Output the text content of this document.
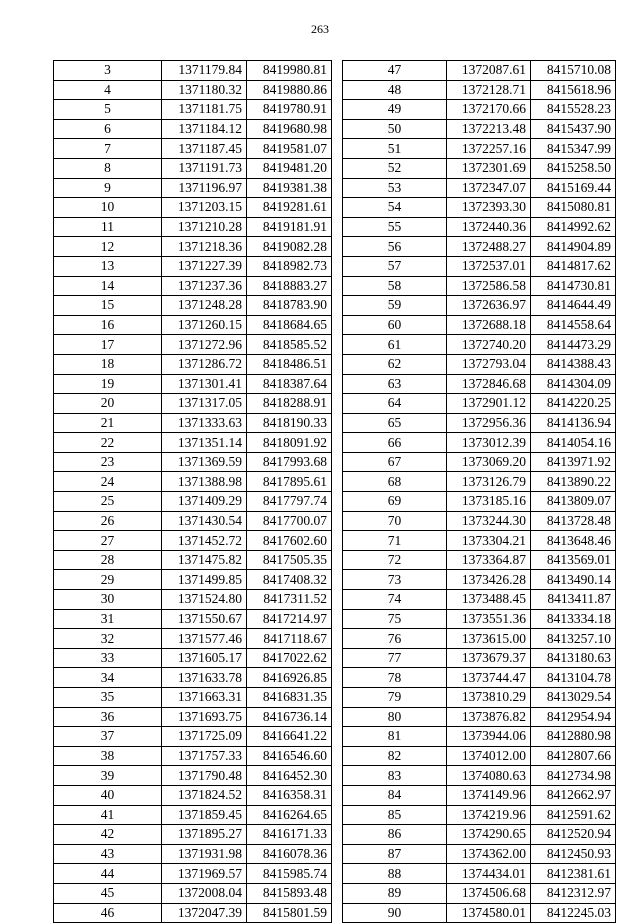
263
3	1371179.84	8419980.81
4	1371180.32	8419880.86
5	1371181.75	8419780.91
6	1371184.12	8419680.98
7	1371187.45	8419581.07
8	1371191.73	8419481.20
9	1371196.97	8419381.38
10	1371203.15	8419281.61
11	1371210.28	8419181.91
12	1371218.36	8419082.28
13	1371227.39	8418982.73
14	1371237.36	8418883.27
15	1371248.28	8418783.90
16	1371260.15	8418684.65
17	1371272.96	8418585.52
18	1371286.72	8418486.51
19	1371301.41	8418387.64
20	1371317.05	8418288.91
21	1371333.63	8418190.33
22	1371351.14	8418091.92
23	1371369.59	8417993.68
24	1371388.98	8417895.61
25	1371409.29	8417797.74
26	1371430.54	8417700.07
27	1371452.72	8417602.60
28	1371475.82	8417505.35
29	1371499.85	8417408.32
30	1371524.80	8417311.52
31	1371550.67	8417214.97
32	1371577.46	8417118.67
33	1371605.17	8417022.62
34	1371633.78	8416926.85
35	1371663.31	8416831.35
36	1371693.75	8416736.14
37	1371725.09	8416641.22
38	1371757.33	8416546.60
39	1371790.48	8416452.30
40	1371824.52	8416358.31
41	1371859.45	8416264.65
42	1371895.27	8416171.33
43	1371931.98	8416078.36
44	1371969.57	8415985.74
45	1372008.04	8415893.48
46	1372047.39	8415801.59
47	1372087.61	8415710.08
48	1372128.71	8415618.96
49	1372170.66	8415528.23
50	1372213.48	8415437.90
51	1372257.16	8415347.99
52	1372301.69	8415258.50
53	1372347.07	8415169.44
54	1372393.30	8415080.81
55	1372440.36	8414992.62
56	1372488.27	8414904.89
57	1372537.01	8414817.62
58	1372586.58	8414730.81
59	1372636.97	8414644.49
60	1372688.18	8414558.64
61	1372740.20	8414473.29
62	1372793.04	8414388.43
63	1372846.68	8414304.09
64	1372901.12	8414220.25
65	1372956.36	8414136.94
66	1373012.39	8414054.16
67	1373069.20	8413971.92
68	1373126.79	8413890.22
69	1373185.16	8413809.07
70	1373244.30	8413728.48
71	1373304.21	8413648.46
72	1373364.87	8413569.01
73	1373426.28	8413490.14
74	1373488.45	8413411.87
75	1373551.36	8413334.18
76	1373615.00	8413257.10
77	1373679.37	8413180.63
78	1373744.47	8413104.78
79	1373810.29	8413029.54
80	1373876.82	8412954.94
81	1373944.06	8412880.98
82	1374012.00	8412807.66
83	1374080.63	8412734.98
84	1374149.96	8412662.97
85	1374219.96	8412591.62
86	1374290.65	8412520.94
87	1374362.00	8412450.93
88	1374434.01	8412381.61
89	1374506.68	8412312.97
90	1374580.01	8412245.03
